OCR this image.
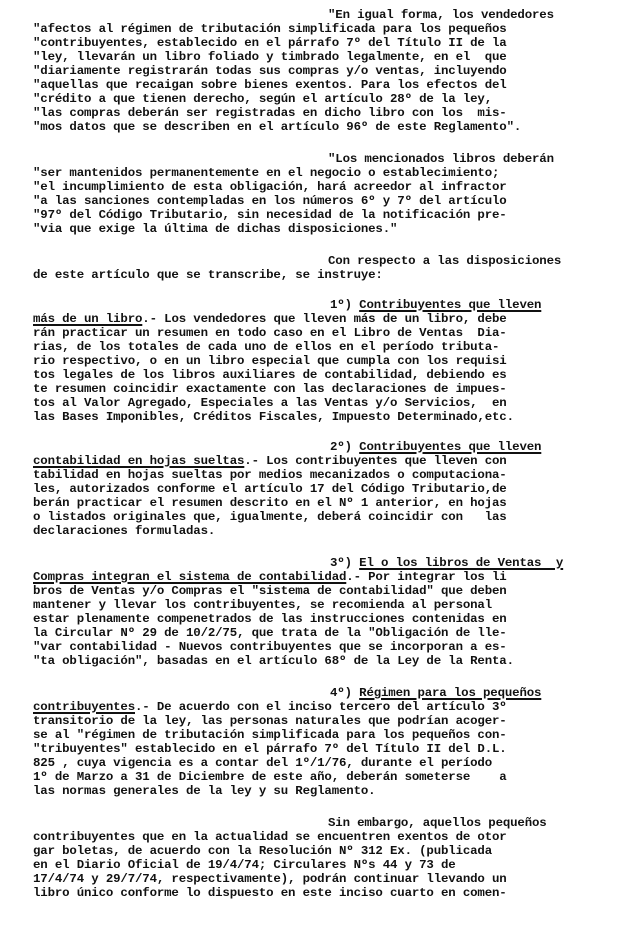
"En igual forma, los vendedores
"afectos al régimen de tributación simplificada para los pequeños
"contribuyentes, establecido en el párrafo 7º del Título II de la
"ley, llevarán un libro foliado y timbrado legalmente, en el  que
"diariamente registrarán todas sus compras y/o ventas, incluyendo
"aquellas que recaigan sobre bienes exentos. Para los efectos del
"crédito a que tienen derecho, según el artículo 28º de la ley,
"las compras deberán ser registradas en dicho libro con los  mis-
"mos datos que se describen en el artículo 96º de este Reglamento".
"Los mencionados libros deberán
"ser mantenidos permanentemente en el negocio o establecimiento;
"el incumplimiento de esta obligación, hará acreedor al infractor
"a las sanciones contempladas en los números 6º y 7º del artículo
"97º del Código Tributario, sin necesidad de la notificación pre-
"via que exige la última de dichas disposiciones."
Con respecto a las disposiciones
de este artículo que se transcribe, se instruye:
1º) Contribuyentes que lleven
más de un libro.- Los vendedores que lleven más de un libro, debe
rán practicar un resumen en todo caso en el Libro de Ventas  Dia-
rias, de los totales de cada uno de ellos en el período tributa-
rio respectivo, o en un libro especial que cumpla con los requisi
tos legales de los libros auxiliares de contabilidad, debiendo es
te resumen coincidir exactamente con las declaraciones de impues-
tos al Valor Agregado, Especiales a las Ventas y/o Servicios,  en
las Bases Imponibles, Créditos Fiscales, Impuesto Determinado,etc.
2º) Contribuyentes que lleven
contabilidad en hojas sueltas.- Los contribuyentes que lleven con
tabilidad en hojas sueltas por medios mecanizados o computaciona-
les, autorizados conforme el artículo 17 del Código Tributario,de
berán practicar el resumen descrito en el Nº 1 anterior, en hojas
o listados originales que, igualmente, deberá coincidir con   las
declaraciones formuladas.
3º) El o los libros de Ventas  y
Compras integran el sistema de contabilidad.- Por integrar los li
bros de Ventas y/o Compras el "sistema de contabilidad" que deben
mantener y llevar los contribuyentes, se recomienda al personal
estar plenamente compenetrados de las instrucciones contenidas en
la Circular Nº 29 de 10/2/75, que trata de la "Obligación de lle-
"var contabilidad - Nuevos contribuyentes que se incorporan a es-
"ta obligación", basadas en el artículo 68º de la Ley de la Renta.
4º) Régimen para los pequeños
contribuyentes.- De acuerdo con el inciso tercero del artículo 3º
transitorio de la ley, las personas naturales que podrían acoger-
se al "régimen de tributación simplificada para los pequeños con-
"tribuyentes" establecido en el párrafo 7º del Título II del D.L.
825 , cuya vigencia es a contar del 1º/1/76, durante el período
1º de Marzo a 31 de Diciembre de este año, deberán someterse    a
las normas generales de la ley y su Reglamento.
Sin embargo, aquellos pequeños
contribuyentes que en la actualidad se encuentren exentos de otor
gar boletas, de acuerdo con la Resolución Nº 312 Ex. (publicada
en el Diario Oficial de 19/4/74; Circulares Nºs 44 y 73 de
17/4/74 y 29/7/74, respectivamente), podrán continuar llevando un
libro único conforme lo dispuesto en este inciso cuarto en comen-
